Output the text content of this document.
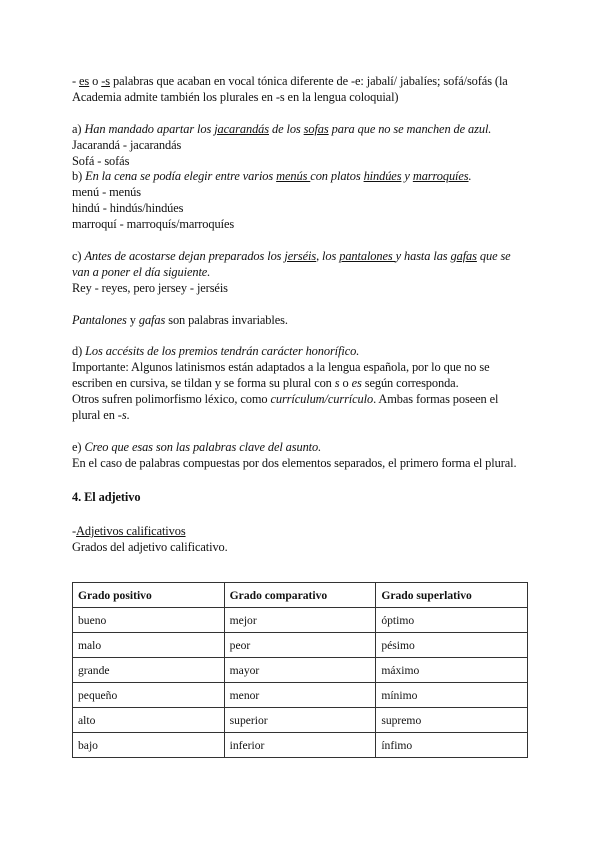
- es o -s palabras que acaban en vocal tónica diferente de -e: jabalí/ jabalíes; sofá/sofás (la
Academia admite también los plurales en -s en la lengua coloquial)
a) Han mandado apartar los jacarandás de los sofas para que no se manchen de azul.
Jacarandá - jacarandás
Sofá - sofás
b) En la cena se podía elegir entre varios menús con platos hindúes y marroquíes.
menú - menús
hindú - hindús/hindúes
marroquí - marroquís/marroquíes
c) Antes de acostarse dejan preparados los jerséis, los pantalones y hasta las gafas que se
van a poner el día siguiente.
Rey - reyes, pero jersey - jerséis
Pantalones y gafas son palabras invariables.
d) Los accésits de los premios tendrán carácter honorífico.
Importante: Algunos latinismos están adaptados a la lengua española, por lo que no se
escriben en cursiva, se tildan y se forma su plural con s o es según corresponda.
Otros sufren polimorfismo léxico, como currículum/currículo. Ambas formas poseen el
plural en -s.
e) Creo que esas son las palabras clave del asunto.
En el caso de palabras compuestas por dos elementos separados, el primero forma el plural.
4. El adjetivo
-Adjetivos calificativos
Grados del adjetivo calificativo.
Grado positivo	Grado comparativo	Grado superlativo
bueno	mejor	óptimo
malo	peor	pésimo
grande	mayor	máximo
pequeño	menor	mínimo
alto	superior	supremo
bajo	inferior	ínfimo
